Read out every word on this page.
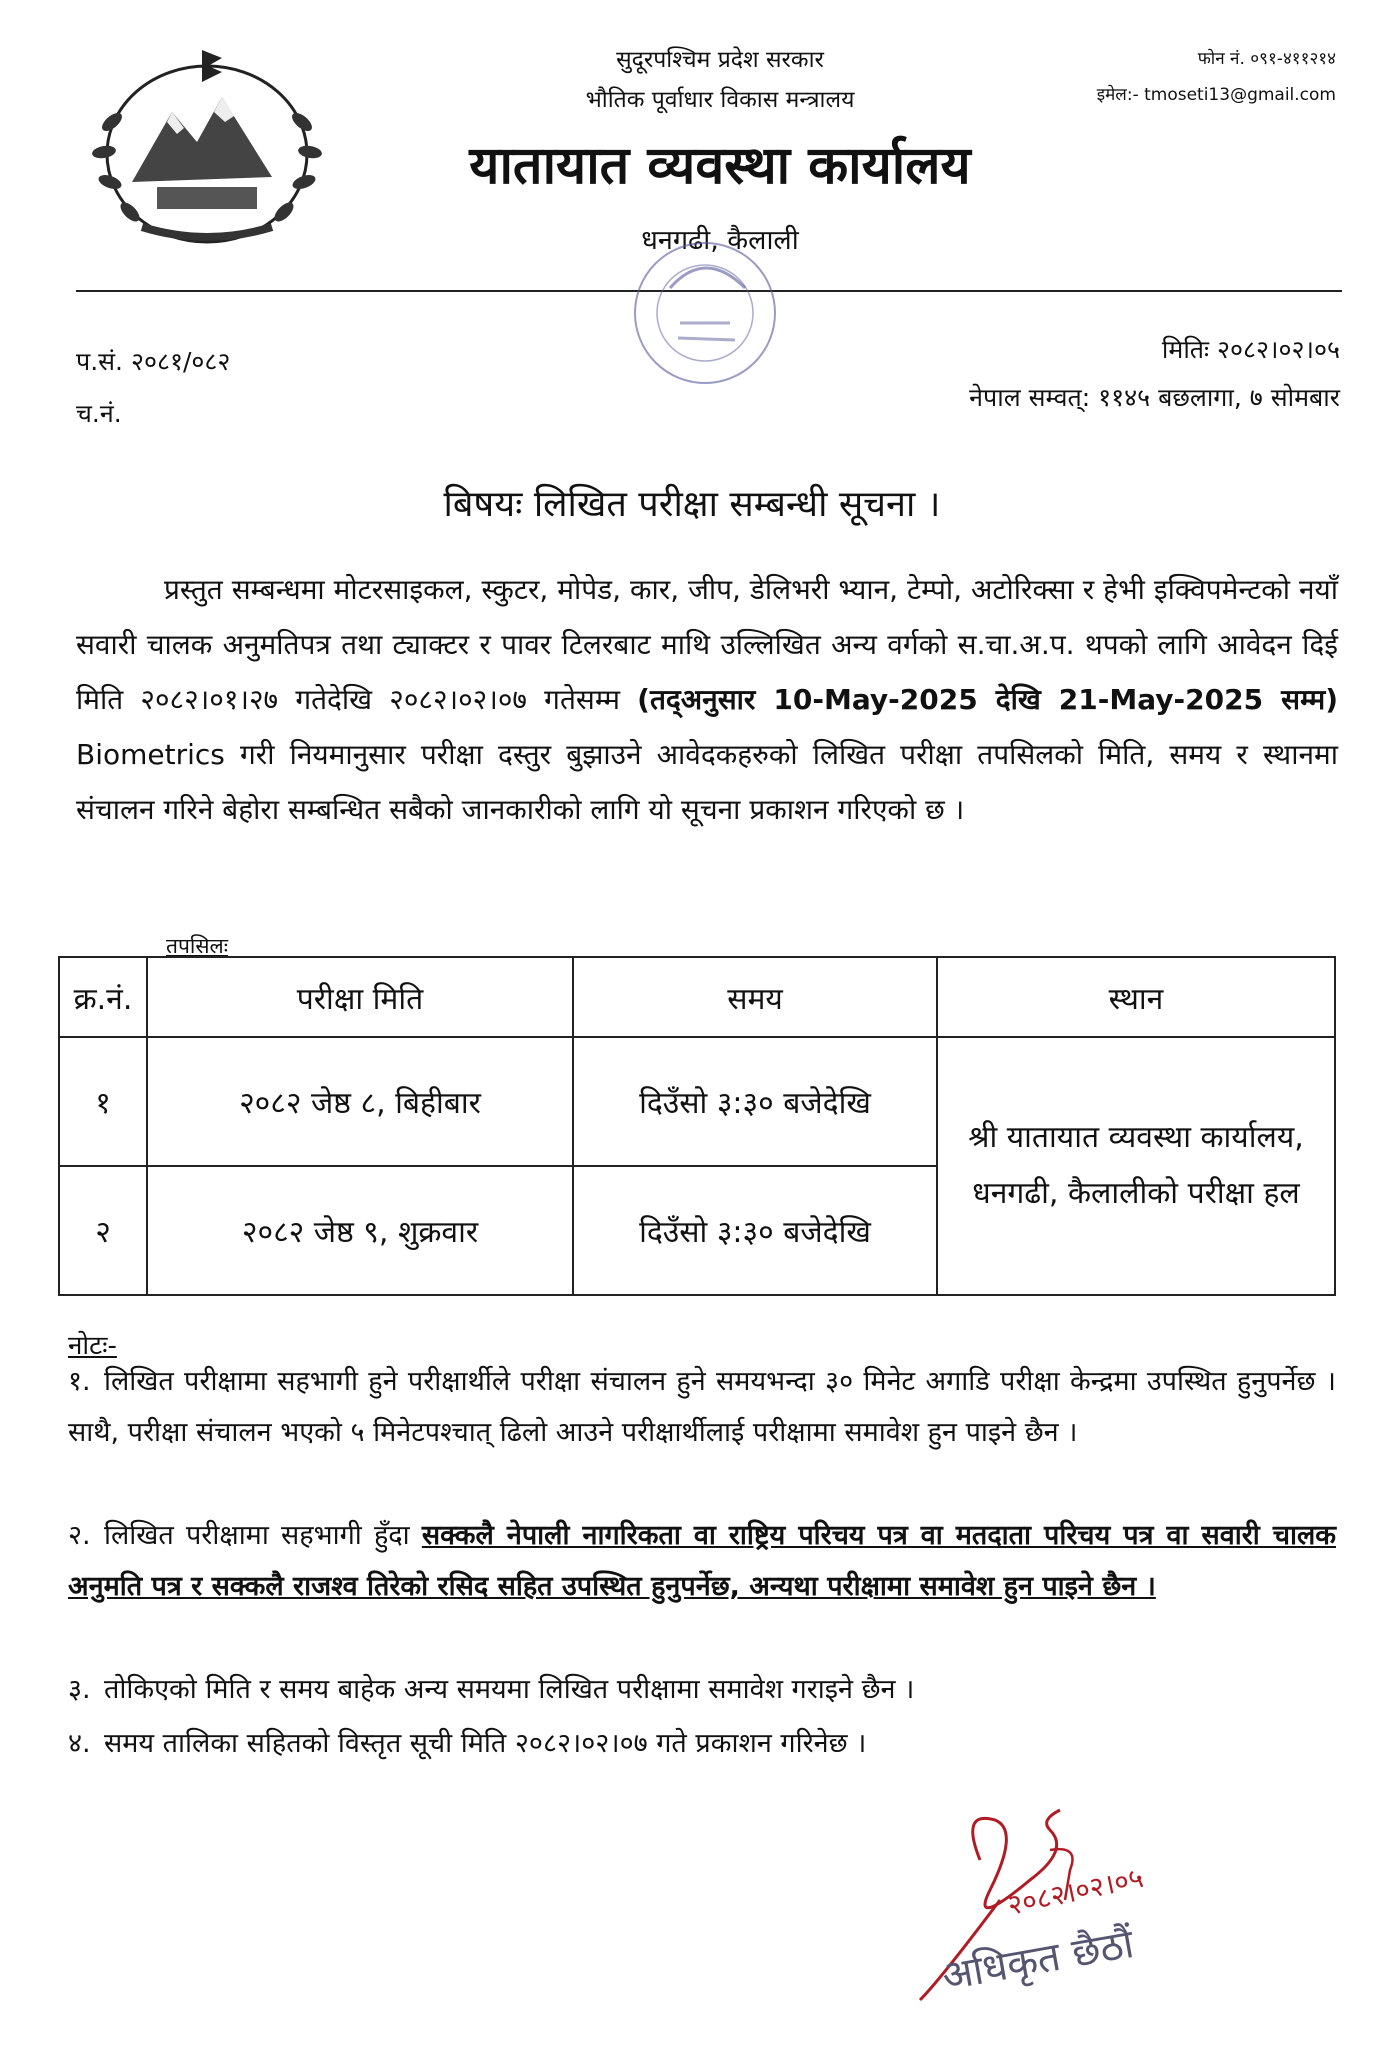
सुदूरपश्चिम प्रदेश सरकार
भौतिक पूर्वाधार विकास मन्त्रालय
यातायात व्यवस्था कार्यालय
धनगढी, कैलाली
फोन नं. ०९१-४११२१४
इमेल:- tmoseti13@gmail.com
प.सं. २०८१/०८२
च.नं.
मितिः २०८२।०२।०५
नेपाल सम्वत्: ११४५ बछलागा, ७ सोमबार
बिषयः लिखित परीक्षा सम्बन्धी सूचना ।
प्रस्तुत सम्बन्धमा मोटरसाइकल, स्कुटर, मोपेड, कार, जीप, डेलिभरी भ्यान, टेम्पो, अटोरिक्सा र हेभी इक्विपमेन्टको नयाँ सवारी चालक अनुमतिपत्र तथा ट्याक्टर र पावर टिलरबाट माथि उल्लिखित अन्य वर्गको स.चा.अ.प. थपको लागि आवेदन दिई मिति २०८२।०१।२७ गतेदेखि २०८२।०२।०७ गतेसम्म (तद्अनुसार 10-May-2025 देखि 21-May-2025 सम्म) Biometrics गरी नियमानुसार परीक्षा दस्तुर बुझाउने आवेदकहरुको लिखित परीक्षा तपसिलको मिति, समय र स्थानमा संचालन गरिने बेहोरा सम्बन्धित सबैको जानकारीको लागि यो सूचना प्रकाशन गरिएको छ ।
तपसिलः
क्र.नं.	परीक्षा मिति	समय	स्थान
१	२०८२ जेष्ठ ८, बिहीबार	दिउँसो ३:३० बजेदेखि	श्री यातायात व्यवस्था कार्यालय, धनगढी, कैलालीको परीक्षा हल
२	२०८२ जेष्ठ ९, शुक्रवार	दिउँसो ३:३० बजेदेखि	
नोटः-
१. लिखित परीक्षामा सहभागी हुने परीक्षार्थीले परीक्षा संचालन हुने समयभन्दा ३० मिनेट अगाडि परीक्षा केन्द्रमा उपस्थित हुनुपर्नेछ । साथै, परीक्षा संचालन भएको ५ मिनेटपश्चात् ढिलो आउने परीक्षार्थीलाई परीक्षामा समावेश हुन पाइने छैन ।
२. लिखित परीक्षामा सहभागी हुँदा सक्कलै नेपाली नागरिकता वा राष्ट्रिय परिचय पत्र वा मतदाता परिचय पत्र वा सवारी चालक अनुमति पत्र र सक्कलै राजश्व तिरेको रसिद सहित उपस्थित हुनुपर्नेछ, अन्यथा परीक्षामा समावेश हुन पाइने छैन ।
३. तोकिएको मिति र समय बाहेक अन्य समयमा लिखित परीक्षामा समावेश गराइने छैन ।
४. समय तालिका सहितको विस्तृत सूची मिति २०८२।०२।०७ गते प्रकाशन गरिनेछ ।
२०८२।०२।०५
अधिकृत छैठौं
